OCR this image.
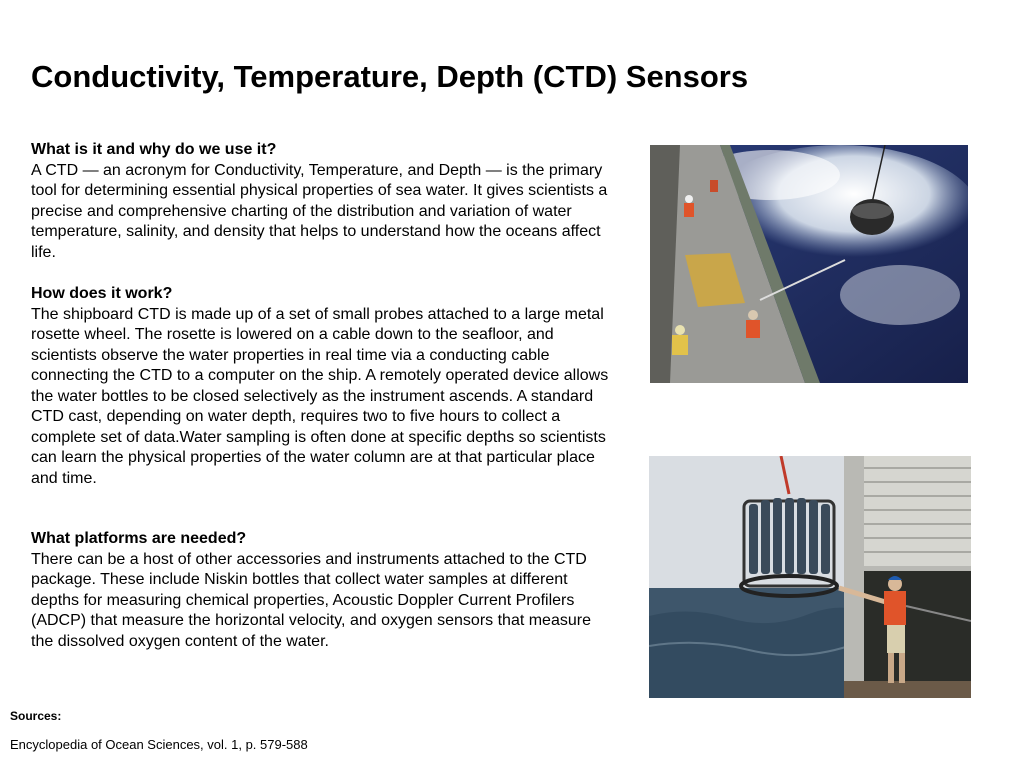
Conductivity, Temperature, Depth (CTD) Sensors
What is it and why do we use it?
A CTD — an acronym for Conductivity, Temperature, and Depth — is the primary tool for determining essential physical properties of sea water. It gives scientists a precise and comprehensive charting of the distribution and variation of water temperature, salinity, and density that helps to understand how the oceans affect life.
How does it work?
The shipboard CTD is made up of a set of small probes attached to a large metal rosette wheel. The rosette is lowered on a cable down to the seafloor, and scientists observe the water properties in real time via a conducting cable connecting the CTD to a computer on the ship. A remotely operated device allows the water bottles to be closed selectively as the instrument ascends. A standard CTD cast, depending on water depth, requires two to five hours to collect a complete set of data.Water sampling is often done at specific depths so scientists can learn the physical properties of the water column are at that particular place and time.
What platforms are needed?
There can be a host of other accessories and instruments attached to the CTD package. These include Niskin bottles that collect water samples at different depths for measuring chemical properties, Acoustic Doppler Current Profilers (ADCP) that measure the horizontal velocity, and oxygen sensors that measure the dissolved oxygen content of the water.
Sources:
Encyclopedia of Ocean Sciences, vol. 1, p. 579-588
